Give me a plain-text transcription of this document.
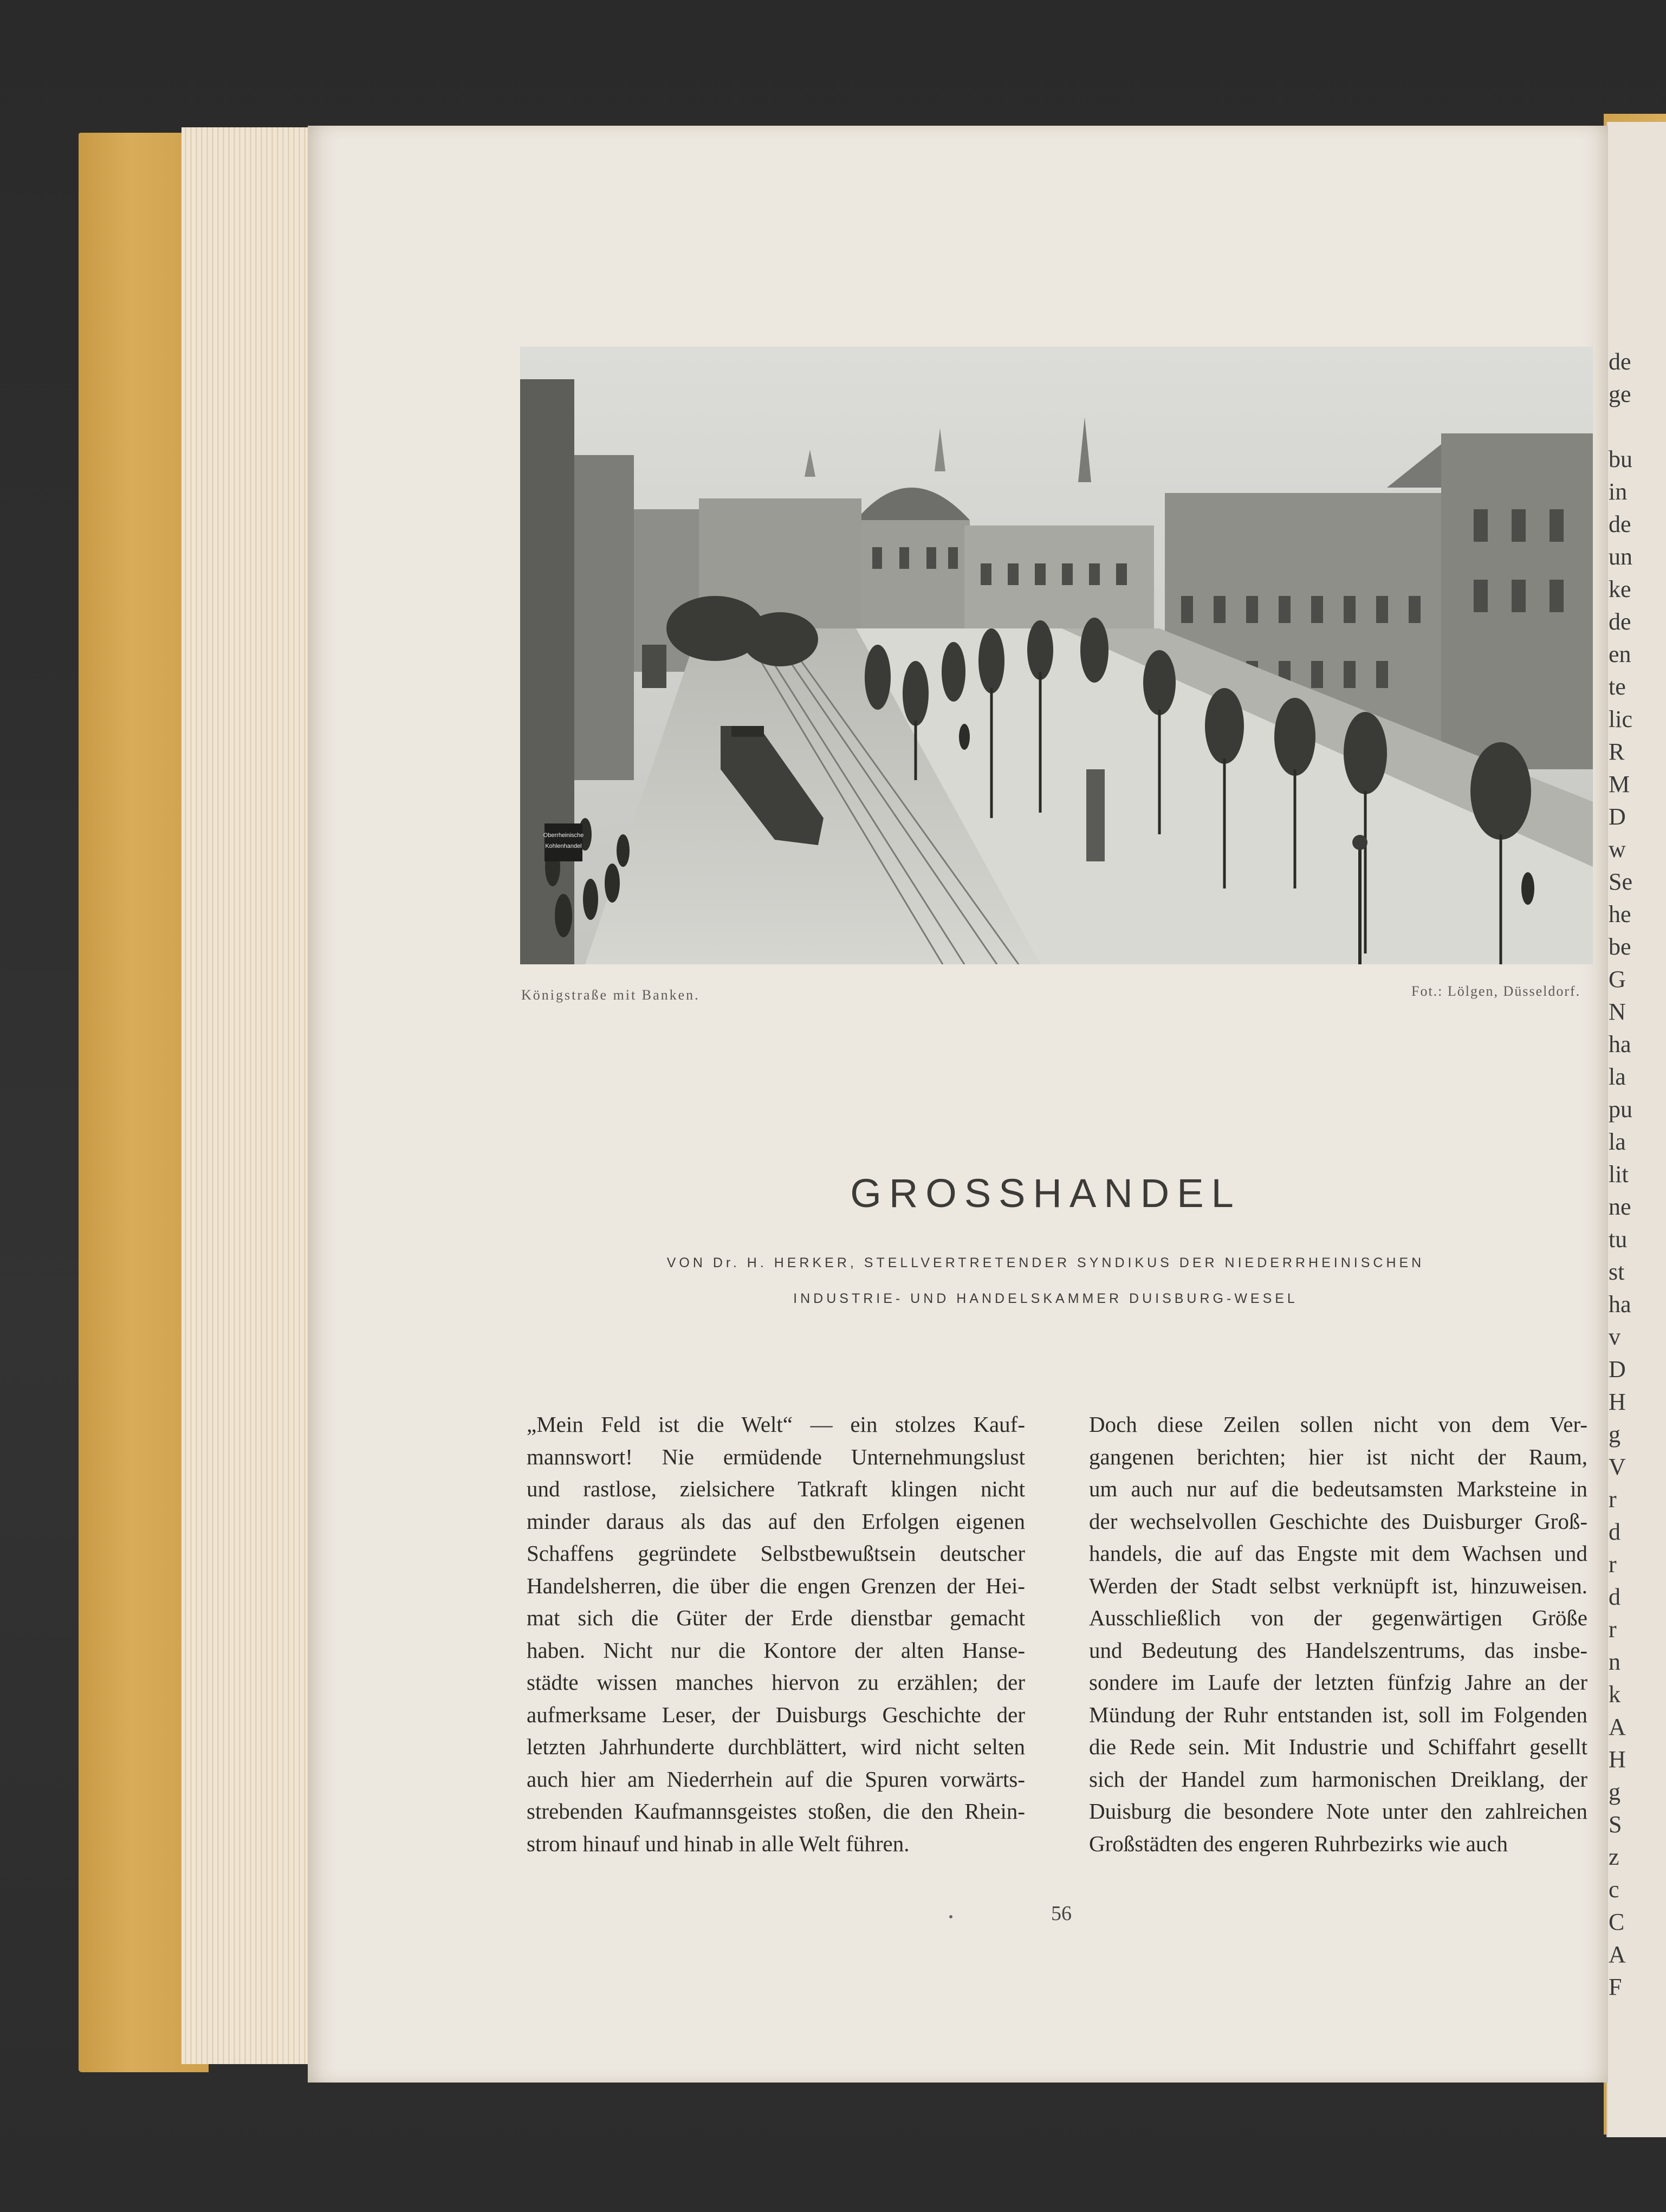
de
ge
bu
in
de
un
ke
de
en
te
lic
R
M
D
w
Se
he
be
G
N
ha
la
pu
la
lit
ne
tu
st
ha
v
D
H
g
V
r
d
r
d
r
n
k
A
H
g
S
z
c
C
A
F
Oberrheinische
Kohlenhandel
Königstraße mit Banken.	Fot.: Lölgen, Düsseldorf.
GROSSHANDEL
VON Dr. H. HERKER, STELLVERTRETENDER SYNDIKUS DER NIEDERRHEINISCHEN
INDUSTRIE- UND HANDELSKAMMER DUISBURG-WESEL
„Mein Feld ist die Welt“ — ein stolzes Kauf-
mannswort! Nie ermüdende Unternehmungslust
und rastlose, zielsichere Tatkraft klingen nicht
minder daraus als das auf den Erfolgen eigenen
Schaffens gegründete Selbstbewußtsein deutscher
Handelsherren, die über die engen Grenzen der Hei-
mat sich die Güter der Erde dienstbar gemacht
haben. Nicht nur die Kontore der alten Hanse-
städte wissen manches hiervon zu erzählen; der
aufmerksame Leser, der Duisburgs Geschichte der
letzten Jahrhunderte durchblättert, wird nicht selten
auch hier am Niederrhein auf die Spuren vorwärts-
strebenden Kaufmannsgeistes stoßen, die den Rhein-
strom hinauf und hinab in alle Welt führen.
Doch diese Zeilen sollen nicht von dem Ver-
gangenen berichten; hier ist nicht der Raum,
um auch nur auf die bedeutsamsten Marksteine in
der wechselvollen Geschichte des Duisburger Groß-
handels, die auf das Engste mit dem Wachsen und
Werden der Stadt selbst verknüpft ist, hinzuweisen.
Ausschließlich von der gegenwärtigen Größe
und Bedeutung des Handelszentrums, das insbe-
sondere im Laufe der letzten fünfzig Jahre an der
Mündung der Ruhr entstanden ist, soll im Folgenden
die Rede sein. Mit Industrie und Schiffahrt gesellt
sich der Handel zum harmonischen Dreiklang, der
Duisburg die besondere Note unter den zahlreichen
Großstädten des engeren Ruhrbezirks wie auch
56
